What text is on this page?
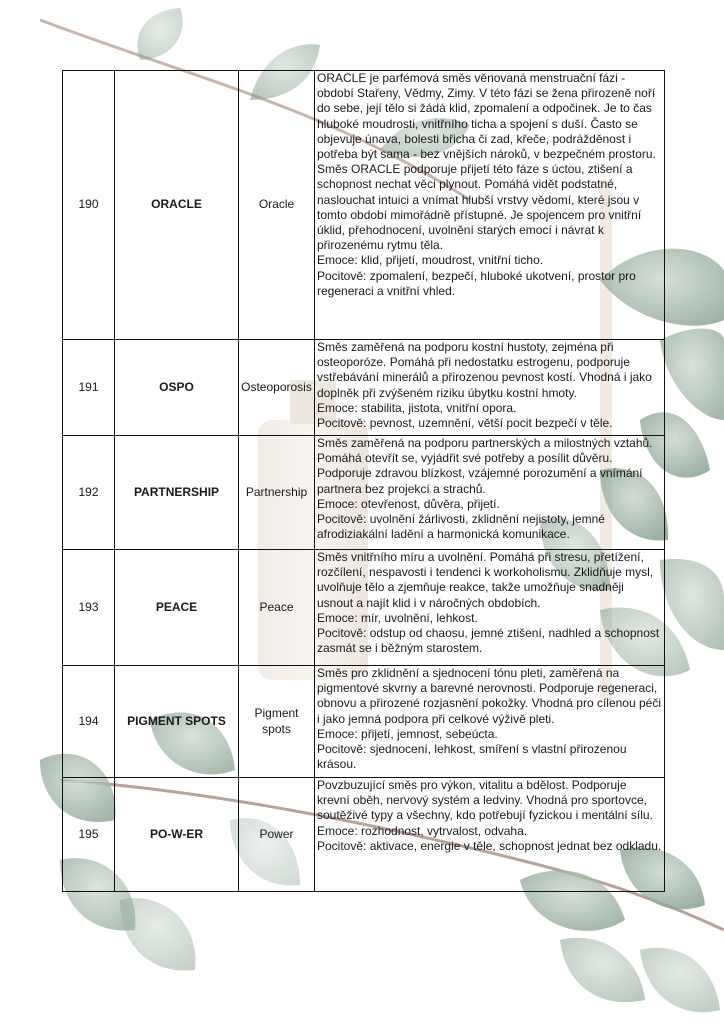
190	ORACLE	Oracle	ORACLE je parfémová směs věnovaná menstruační fázi - období Stařeny, Vědmy, Zimy. V této fázi se žena přirozeně noří do sebe, její tělo si žádá klid, zpomalení a odpočinek. Je to čas hluboké moudrosti, vnitřního ticha a spojení s duší. Často se objevuje únava, bolesti břicha či zad, křeče, podrážděnost i potřeba být sama - bez vnějších nároků, v bezpečném prostoru.

Směs ORACLE podporuje přijetí této fáze s úctou, ztišení a schopnost nechat věci plynout. Pomáhá vidět podstatné, naslouchat intuici a vnímat hlubší vrstvy vědomí, které jsou v tomto období mimořádně přístupné. Je spojencem pro vnitřní úklid, přehodnocení, uvolnění starých emocí i návrat k přirozenému rytmu těla.

Emoce: klid, přijetí, moudrost, vnitřní ticho.

Pocitově: zpomalení, bezpečí, hluboké ukotvení, prostor pro regeneraci a vnitřní vhled.

191	OSPO	Osteoporosis	Směs zaměřená na podporu kostní hustoty, zejména při osteoporóze. Pomáhá při nedostatku estrogenu, podporuje vstřebávání minerálů a přirozenou pevnost kostí. Vhodná i jako doplněk při zvýšeném riziku úbytku kostní hmoty.

Emoce: stabilita, jistota, vnitřní opora.

Pocitově: pevnost, uzemnění, větší pocit bezpečí v těle.

192	PARTNERSHIP	Partnership	Směs zaměřená na podporu partnerských a milostných vztahů. Pomáhá otevřít se, vyjádřit své potřeby a posílit důvěru. Podporuje zdravou blízkost, vzájemné porozumění a vnímání partnera bez projekcí a strachů.

Emoce: otevřenost, důvěra, přijetí.

Pocitově: uvolnění žárlivosti, zklidnění nejistoty, jemné afrodiziakální ladění a harmonická komunikace.

193	PEACE	Peace	Směs vnitřního míru a uvolnění. Pomáhá při stresu, přetížení, rozčílení, nespavosti i tendenci k workoholismu. Zklidňuje mysl, uvolňuje tělo a zjemňuje reakce, takže umožňuje snadněji usnout a najít klid i v náročných obdobích.

Emoce: mír, uvolnění, lehkost.

Pocitově: odstup od chaosu, jemné ztišení, nadhled a schopnost zasmát se i běžným starostem.

194	PIGMENT SPOTS	Pigment spots	Směs pro zklidnění a sjednocení tónu pleti, zaměřená na pigmentové skvrny a barevné nerovnosti. Podporuje regeneraci, obnovu a přirozené rozjasnění pokožky. Vhodná pro cílenou péči i jako jemná podpora při celkové výživě pleti.

Emoce: přijetí, jemnost, sebeúcta.

Pocitově: sjednocení, lehkost, smíření s vlastní přirozenou krásou.

195	PO-W-ER	Power	Povzbuzující směs pro výkon, vitalitu a bdělost. Podporuje krevní oběh, nervový systém a ledviny. Vhodná pro sportovce, soutěživé typy a všechny, kdo potřebují fyzickou i mentální sílu.

Emoce: rozhodnost, vytrvalost, odvaha.

Pocitově: aktivace, energie v těle, schopnost jednat bez odkladu.
